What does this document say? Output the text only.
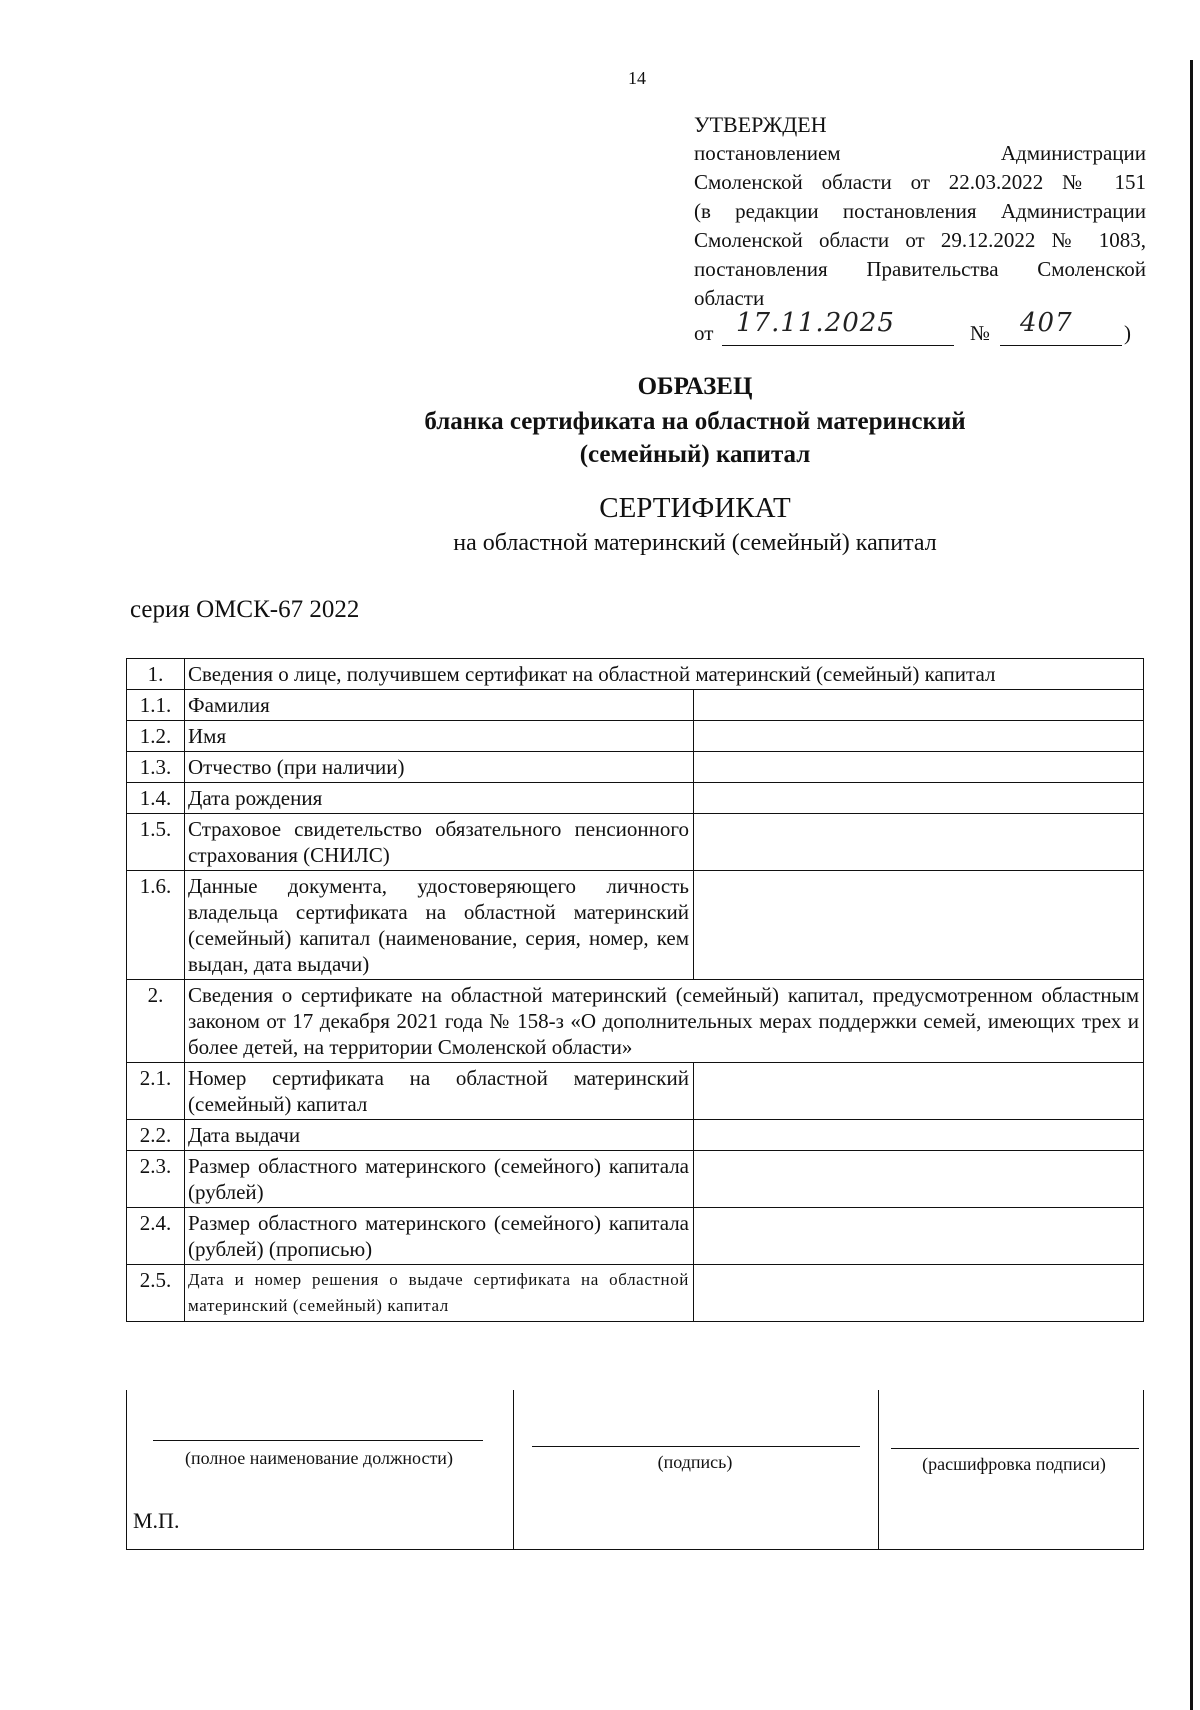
14
УТВЕРЖДЕН
постановлением Администрации
Смоленской области от 22.03.2022 № 151
(в редакции постановления Администрации
Смоленской области от 29.12.2022 № 1083,
постановления Правительства Смоленской
области
от 17.11.2025	№ 407 )
ОБРАЗЕЦ
бланка сертификата на областной материнский
(семейный) капитал
СЕРТИФИКАТ
на областной материнский (семейный) капитал
серия ОМСК-67 2022
1.	Сведения о лице, получившем сертификат на областной материнский (семейный) капитал	
1.1.	Фамилия	
1.2.	Имя	
1.3.	Отчество (при наличии)	
1.4.	Дата рождения	
1.5.	Страховое свидетельство обязательного пенсионного страхования (СНИЛС)	
1.6.	Данные документа, удостоверяющего личность владельца сертификата на областной материнский (семейный) капитал (наименование, серия, номер, кем выдан, дата выдачи)	
2.	Сведения о сертификате на областной материнский (семейный) капитал, предусмотренном областным законом от 17 декабря 2021 года № 158-з «О дополнительных мерах поддержки семей, имеющих трех и более детей, на территории Смоленской области»	
2.1.	Номер сертификата на областной материнский (семейный) капитал	
2.2.	Дата выдачи	
2.3.	Размер областного материнского (семейного) капитала (рублей)	
2.4.	Размер областного материнского (семейного) капитала (рублей) (прописью)	
2.5.	Дата и номер решения о выдаче сертификата на областной материнский (семейный) капитал	
(полное наименование должности)
М.П.

(подпись)	(расшифровка подписи)
